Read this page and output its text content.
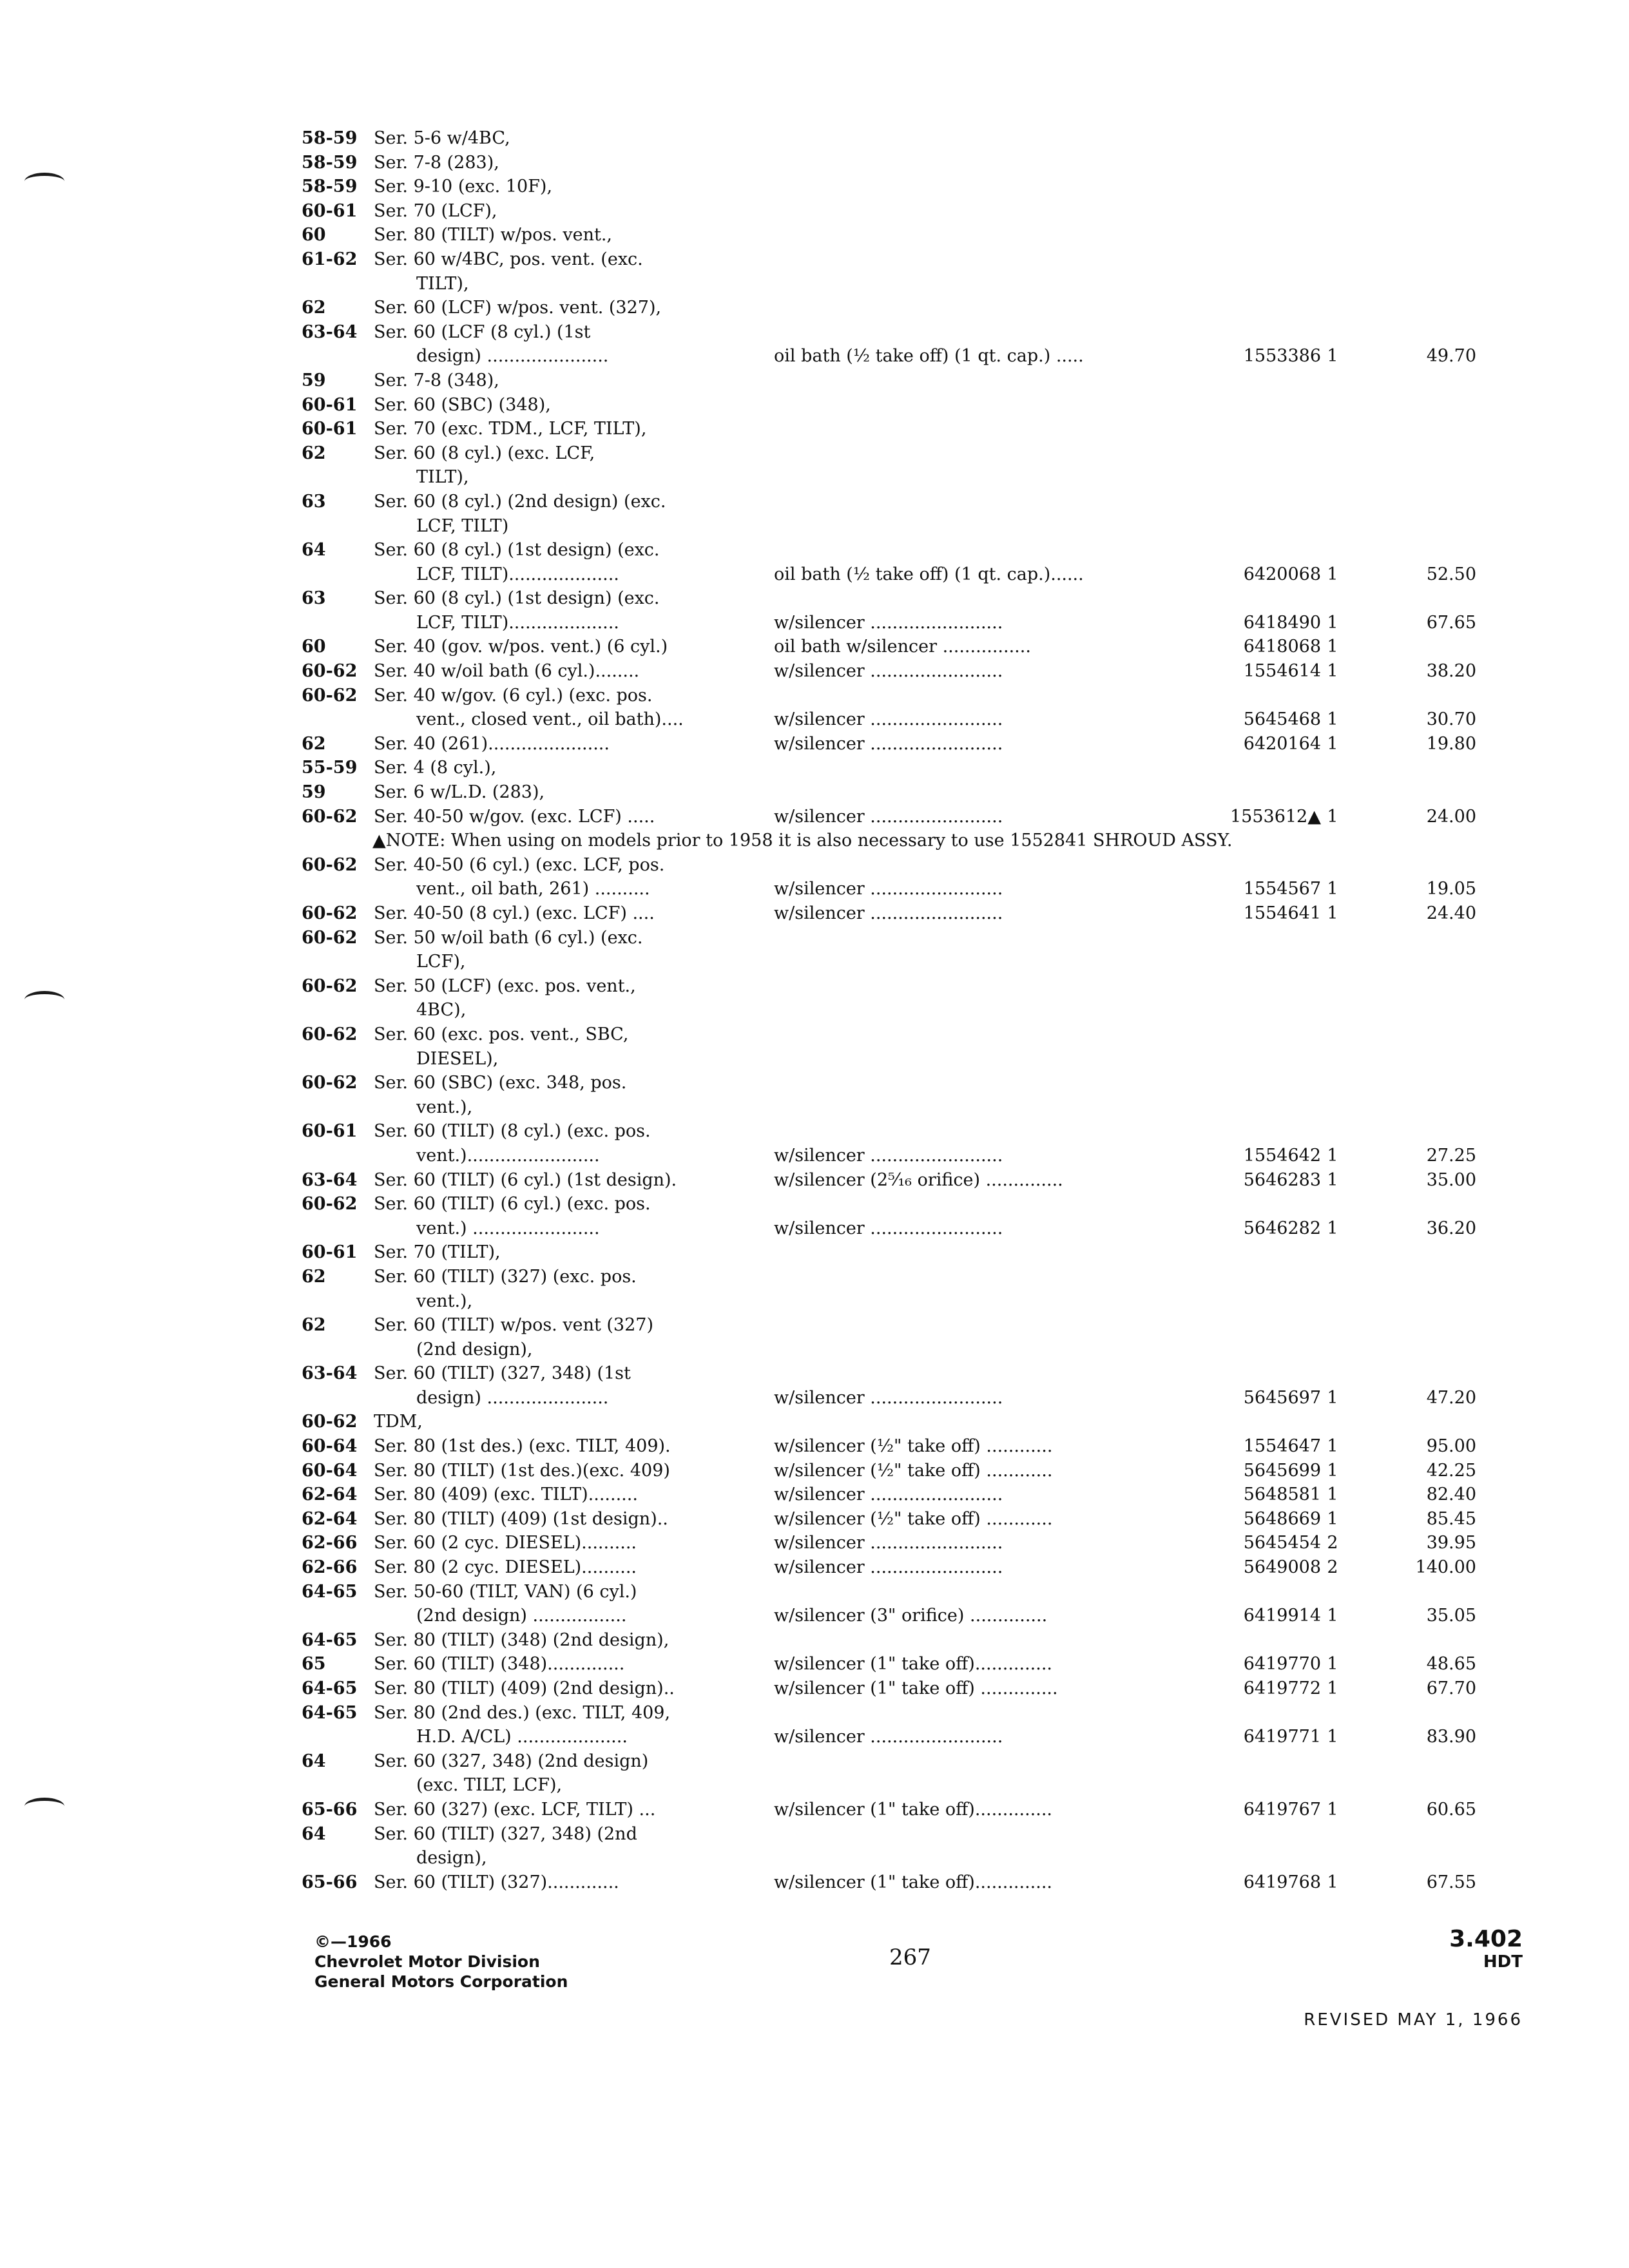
58-59 Ser. 5-6 w/4BC,
58-59 Ser. 7-8 (283),
58-59 Ser. 9-10 (exc. 10F),
60-61 Ser. 70 (LCF),
60	Ser. 80 (TILT) w/pos. vent.,
61-62 Ser. 60 w/4BC, pos. vent. (exc.
TILT),
62	Ser. 60 (LCF) w/pos. vent. (327),
63-64 Ser. 60 (LCF (8 cyl.) (1st
design) ......................	oil bath (½ take off) (1 qt. cap.) .....	1553386 1	49.70
59	Ser. 7-8 (348),
60-61 Ser. 60 (SBC) (348),
60-61 Ser. 70 (exc. TDM., LCF, TILT),
62	Ser. 60 (8 cyl.) (exc. LCF,
TILT),
63	Ser. 60 (8 cyl.) (2nd design) (exc.
LCF, TILT)
64	Ser. 60 (8 cyl.) (1st design) (exc.
LCF, TILT)....................	oil bath (½ take off) (1 qt. cap.)......	6420068 1	52.50
63	Ser. 60 (8 cyl.) (1st design) (exc.
LCF, TILT)....................	w/silencer ........................	6418490 1	67.65
60	Ser. 40 (gov. w/pos. vent.) (6 cyl.)	oil bath w/silencer ................	6418068 1
60-62 Ser. 40 w/oil bath (6 cyl.)........	w/silencer ........................	1554614 1	38.20
60-62 Ser. 40 w/gov. (6 cyl.) (exc. pos.
vent., closed vent., oil bath)....	w/silencer ........................	5645468 1	30.70
62	Ser. 40 (261)......................	w/silencer ........................	6420164 1	19.80
55-59 Ser. 4 (8 cyl.),
59	Ser. 6 w/L.D. (283),
60-62 Ser. 40-50 w/gov. (exc. LCF) .....	w/silencer ........................	1553612▲ 1	24.00
▲NOTE: When using on models prior to 1958 it is also necessary to use 1552841 SHROUD ASSY.
60-62 Ser. 40-50 (6 cyl.) (exc. LCF, pos.
vent., oil bath, 261) ..........	w/silencer ........................	1554567 1	19.05
60-62 Ser. 40-50 (8 cyl.) (exc. LCF) ....	w/silencer ........................	1554641 1	24.40
60-62 Ser. 50 w/oil bath (6 cyl.) (exc.
LCF),
60-62 Ser. 50 (LCF) (exc. pos. vent.,
4BC),
60-62 Ser. 60 (exc. pos. vent., SBC,
DIESEL),
60-62 Ser. 60 (SBC) (exc. 348, pos.
vent.),
60-61 Ser. 60 (TILT) (8 cyl.) (exc. pos.
vent.)........................	w/silencer ........................	1554642 1	27.25
63-64 Ser. 60 (TILT) (6 cyl.) (1st design).	w/silencer (2⁵⁄₁₆ orifice) ..............	5646283 1	35.00
60-62 Ser. 60 (TILT) (6 cyl.) (exc. pos.
vent.) .......................	w/silencer ........................	5646282 1	36.20
60-61 Ser. 70 (TILT),
62	Ser. 60 (TILT) (327) (exc. pos.
vent.),
62	Ser. 60 (TILT) w/pos. vent (327)
(2nd design),
63-64 Ser. 60 (TILT) (327, 348) (1st
design) ......................	w/silencer ........................	5645697 1	47.20
60-62 TDM,
60-64 Ser. 80 (1st des.) (exc. TILT, 409).	w/silencer (½" take off) ............	1554647 1	95.00
60-64 Ser. 80 (TILT) (1st des.)(exc. 409)	w/silencer (½" take off) ............	5645699 1	42.25
62-64 Ser. 80 (409) (exc. TILT).........	w/silencer ........................	5648581 1	82.40
62-64 Ser. 80 (TILT) (409) (1st design)..	w/silencer (½" take off) ............	5648669 1	85.45
62-66 Ser. 60 (2 cyc. DIESEL)..........	w/silencer ........................	5645454 2	39.95
62-66 Ser. 80 (2 cyc. DIESEL)..........	w/silencer ........................	5649008 2	140.00
64-65 Ser. 50-60 (TILT, VAN) (6 cyl.)
(2nd design) .................	w/silencer (3" orifice) ..............	6419914 1	35.05
64-65 Ser. 80 (TILT) (348) (2nd design),
65	Ser. 60 (TILT) (348)..............	w/silencer (1" take off)..............	6419770 1	48.65
64-65 Ser. 80 (TILT) (409) (2nd design)..	w/silencer (1" take off) ..............	6419772 1	67.70
64-65 Ser. 80 (2nd des.) (exc. TILT, 409,
H.D. A/CL) ....................	w/silencer ........................	6419771 1	83.90
64	Ser. 60 (327, 348) (2nd design)
(exc. TILT, LCF),
65-66 Ser. 60 (327) (exc. LCF, TILT) ...	w/silencer (1" take off)..............	6419767 1	60.65
64	Ser. 60 (TILT) (327, 348) (2nd
design),
65-66 Ser. 60 (TILT) (327).............	w/silencer (1" take off)..............	6419768 1	67.55
©—1966
Chevrolet Motor Division
General Motors Corporation
267
3.402
HDT
REVISED MAY 1, 1966
